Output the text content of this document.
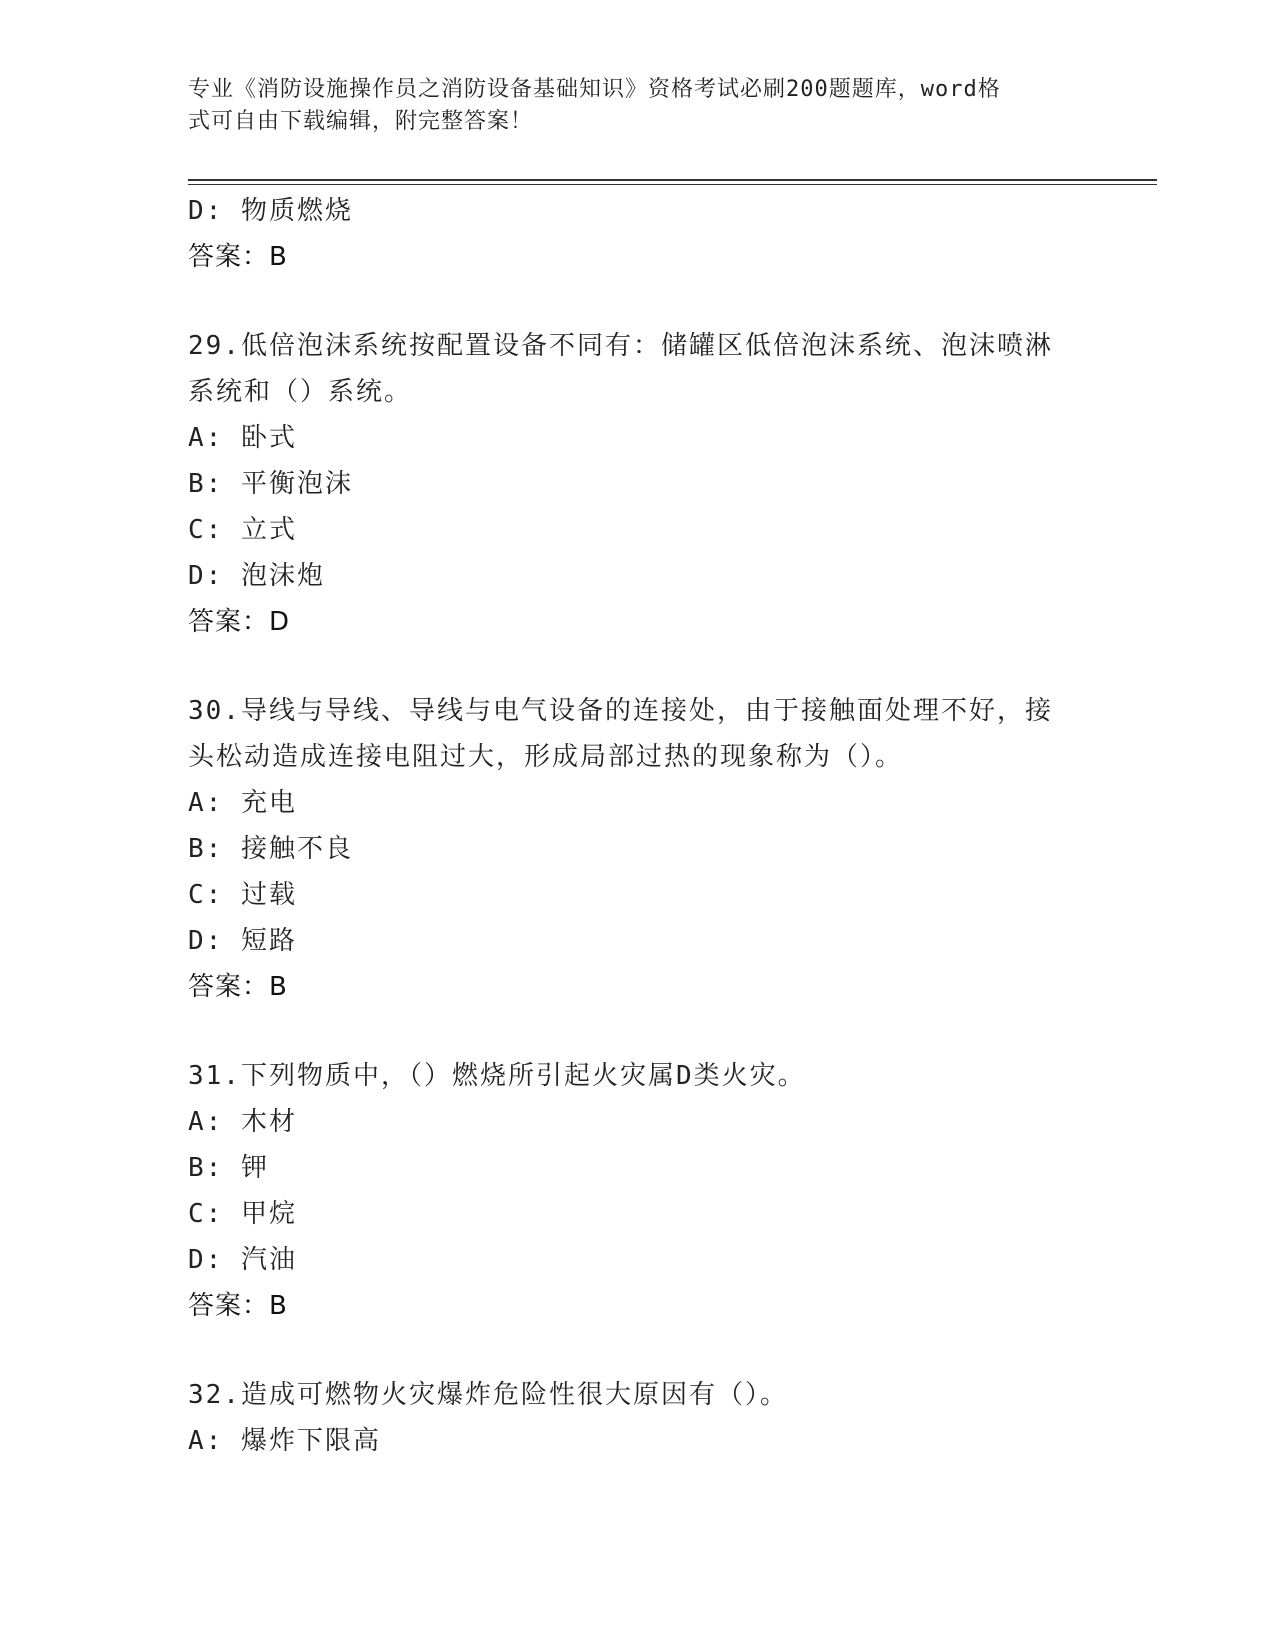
专业《消防设施操作员之消防设备基础知识》资格考试必刷200题题库，word格
式可自由下载编辑，附完整答案！
D: 物质燃烧
答案：B
29.低倍泡沫系统按配置设备不同有：储罐区低倍泡沫系统、泡沫喷淋
系统和（）系统。
A: 卧式
B: 平衡泡沫
C: 立式
D: 泡沫炮
答案：D
30.导线与导线、导线与电气设备的连接处，由于接触面处理不好，接
头松动造成连接电阻过大，形成局部过热的现象称为（）。
A: 充电
B: 接触不良
C: 过载
D: 短路
答案：B
31.下列物质中，（）燃烧所引起火灾属D类火灾。
A: 木材
B: 钾
C: 甲烷
D: 汽油
答案：B
32.造成可燃物火灾爆炸危险性很大原因有（）。
A: 爆炸下限高
